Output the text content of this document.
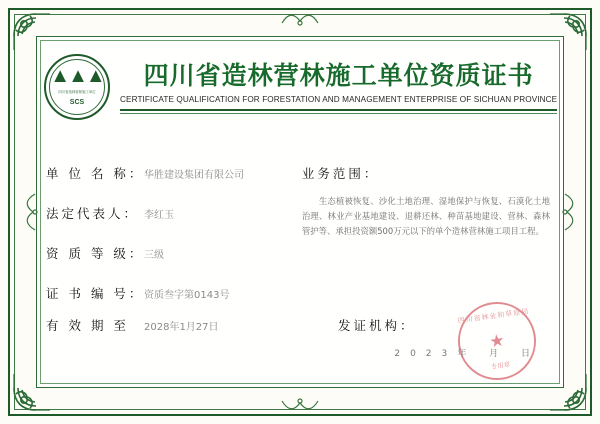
▲▲▲
四川省造林营林施工单位
SCS
四川省造林营林施工单位资质证书
CERTIFICATE QUALIFICATION FOR FORESTATION AND MANAGEMENT ENTERPRISE OF SICHUAN PROVINCE
单 位 名 称： 华胜建设集团有限公司
法定代表人： 李红玉
资 质 等 级： 三级
证 书 编 号： 资质叁字第0143号
业务范围：
生态植被恢复、沙化土地治理、湿地保护与恢复、石漠化土地治理、林业产业基地建设、退耕还林、种苗基地建设、营林、森林管护等、承担投资额500万元以下的单个造林营林施工项目工程。
有 效 期 至	2028年1月27日	发证机构：
四川省林业和草原局
★
专用章
2023年 月 日
